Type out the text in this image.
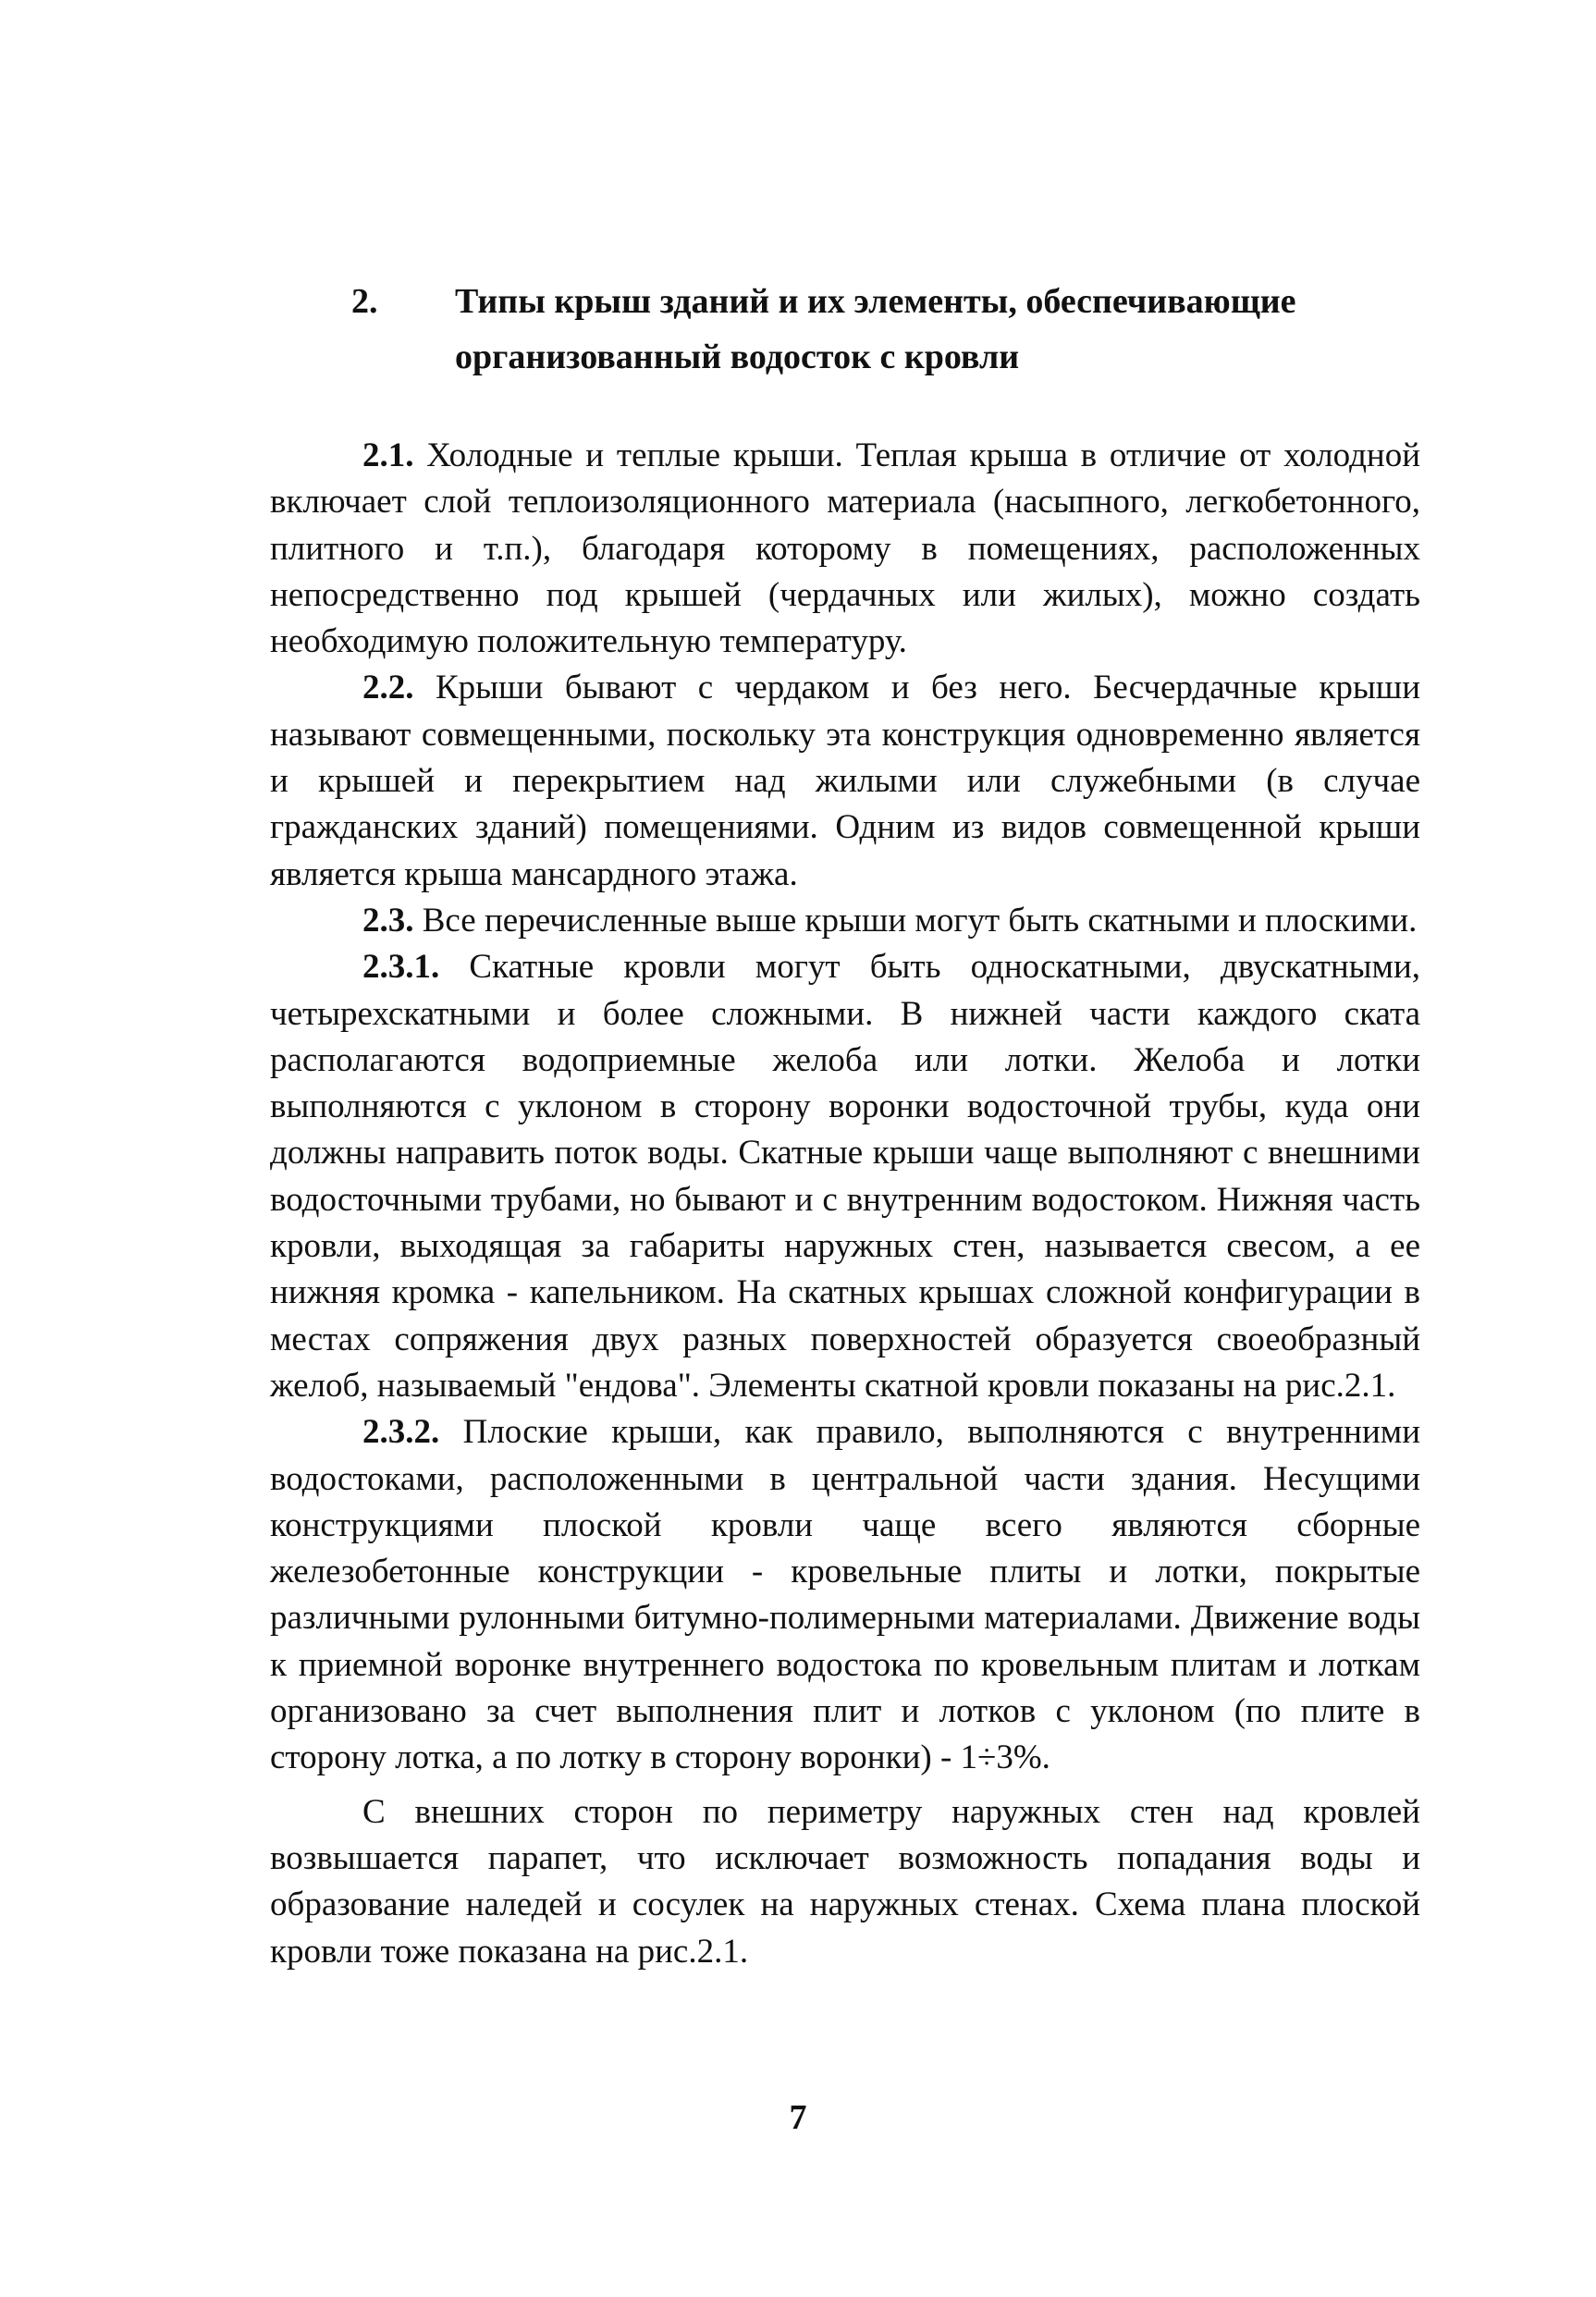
2. Типы крыш зданий и их элементы, обеспечивающие организованный водосток с кровли

2.1. Холодные и теплые крыши. Теплая крыша в отличие от холодной включает слой теплоизоляционного материала (насыпного, легкобетонного, плитного и т.п.), благодаря которому в помещениях, расположенных непосредственно под крышей (чердачных или жилых), можно создать необходимую положительную температуру.

2.2. Крыши бывают с чердаком и без него. Бесчердачные крыши называют совмещенными, поскольку эта конструкция одновременно является и крышей и перекрытием над жилыми или служебными (в случае гражданских зданий) помещениями. Одним из видов совмещенной крыши является крыша мансардного этажа.

2.3. Все перечисленные выше крыши могут быть скатными и плоскими.

2.3.1. Скатные кровли могут быть односкатными, двускатными, четырехскатными и более сложными. В нижней части каждого ската располагаются водоприемные желоба или лотки. Желоба и лотки выполняются с уклоном в сторону воронки водосточной трубы, куда они должны направить поток воды. Скатные крыши чаще выполняют с внешними водосточными трубами, но бывают и с внутренним водостоком. Нижняя часть кровли, выходящая за габариты наружных стен, называется свесом, а ее нижняя кромка - капельником. На скатных крышах сложной конфигурации в местах сопряжения двух разных поверхностей образуется своеобразный желоб, называемый "ендова". Элементы скатной кровли показаны на рис.2.1.

2.3.2. Плоские крыши, как правило, выполняются с внутренними водостоками, расположенными в центральной части здания. Несущими конструкциями плоской кровли чаще всего являются сборные железобетонные конструкции - кровельные плиты и лотки, покрытые различными рулонными битумно-полимерными материалами. Движение воды к приемной воронке внутреннего водостока по кровельным плитам и лоткам организовано за счет выполнения плит и лотков с уклоном (по плите в сторону лотка, а по лотку в сторону воронки) - 1÷3%.

С внешних сторон по периметру наружных стен над кровлей возвышается парапет, что исключает возможность попадания воды и образование наледей и сосулек на наружных стенах. Схема плана плоской кровли тоже показана на рис.2.1.

7
